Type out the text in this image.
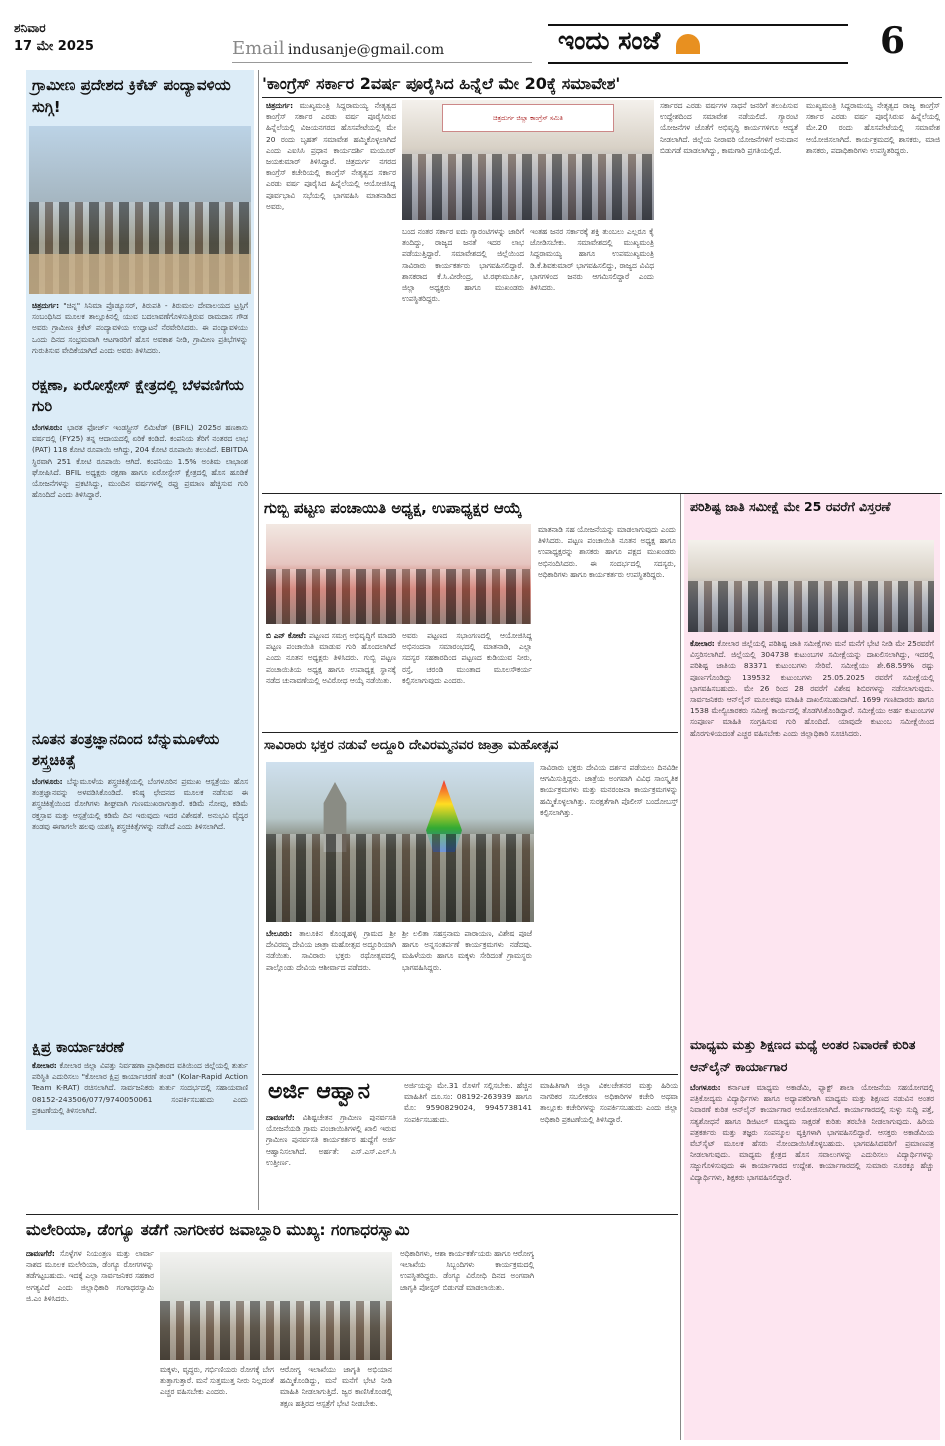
ಶನಿವಾರ
17 ಮೇ 2025	Email indusanje@gmail.com	ಇಂದು ಸಂಜೆ	6
ಗ್ರಾಮೀಣ ಪ್ರದೇಶದ ಕ್ರಿಕೆಟ್ ಪಂದ್ಯಾವಳಿಯ ಸುಗ್ಗಿ!
ಚಿತ್ರದುರ್ಗ: "ಚಿನ್ನ" ಸಿನಿಮಾ ಪ್ರೊಡ್ಯೂಸರ್, ತಿರುಪತಿ - ತಿರುಮಲ ದೇವಾಲಯದ ಟ್ರಸ್ಟಿಗೆ ಸಂಬಂಧಿಸಿದ ಮೂಲಕ ತಾಲ್ಲೂಕಿನಲ್ಲಿ ಯುವ ಬದಲಾವಣೆಗೊಳಿಸುತ್ತಿರುವ ರಾಮದಾಸ ಗೌಡ ಅವರು ಗ್ರಾಮೀಣ ಕ್ರಿಕೆಟ್ ಪಂದ್ಯಾವಳಿಯ ಉದ್ಘಾಟನೆ ನೆರವೇರಿಸಿದರು. ಈ ಪಂದ್ಯಾವಳಿಯು ಒಂದು ದಿನದ ಸಂಭ್ರಮವಾಗಿ ಆಟಗಾರರಿಗೆ ಹೊಸ ಅವಕಾಶ ನೀಡಿ, ಗ್ರಾಮೀಣ ಪ್ರತಿಭೆಗಳನ್ನು ಗುರುತಿಸುವ ವೇದಿಕೆಯಾಗಿದೆ ಎಂದು ಅವರು ತಿಳಿಸಿದರು.
ರಕ್ಷಣಾ, ಏರೋಸ್ಪೇಸ್ ಕ್ಷೇತ್ರದಲ್ಲಿ ಬೆಳವಣಿಗೆಯ ಗುರಿ
ಬೆಂಗಳೂರು: ಭಾರತ ಫೋರ್ಜ್ ಇಂಡಸ್ಟ್ರೀಸ್ ಲಿಮಿಟೆಡ್ (BFIL) 2025ರ ಹಣಕಾಸು ವರ್ಷದಲ್ಲಿ (FY25) ತನ್ನ ಆದಾಯದಲ್ಲಿ ಏರಿಕೆ ಕಂಡಿದೆ. ಕಂಪನಿಯ ತೆರಿಗೆ ನಂತರದ ಲಾಭ (PAT) 118 ಕೋಟಿ ರೂಪಾಯಿ ಆಗಿದ್ದು, 204 ಕೋಟಿ ರೂಪಾಯಿ ತಲುಪಿದೆ. EBITDA ಸ್ಥಿರವಾಗಿ 251 ಕೋಟಿ ರೂಪಾಯಿ ಆಗಿದೆ. ಕಂಪನಿಯು 1.5% ಅಂತಿಮ ಲಾಭಾಂಶ ಘೋಷಿಸಿದೆ. BFIL ಅಧ್ಯಕ್ಷರು ರಕ್ಷಣಾ ಹಾಗೂ ಏರೋಸ್ಪೇಸ್ ಕ್ಷೇತ್ರದಲ್ಲಿ ಹೊಸ ಹೂಡಿಕೆ ಯೋಜನೆಗಳನ್ನು ಪ್ರಕಟಿಸಿದ್ದು, ಮುಂದಿನ ವರ್ಷಗಳಲ್ಲಿ ರಫ್ತು ಪ್ರಮಾಣ ಹೆಚ್ಚಿಸುವ ಗುರಿ ಹೊಂದಿದೆ ಎಂದು ತಿಳಿಸಿದ್ದಾರೆ.
ನೂತನ ತಂತ್ರಜ್ಞಾನದಿಂದ ಬೆನ್ನುಮೂಳೆಯ ಶಸ್ತ್ರಚಿಕಿತ್ಸೆ
ಬೆಂಗಳೂರು: ಬೆನ್ನುಮೂಳೆಯ ಶಸ್ತ್ರಚಿಕಿತ್ಸೆಯಲ್ಲಿ ಬೆಂಗಳೂರಿನ ಪ್ರಮುಖ ಆಸ್ಪತ್ರೆಯು ಹೊಸ ತಂತ್ರಜ್ಞಾನವನ್ನು ಅಳವಡಿಸಿಕೊಂಡಿದೆ. ಕನಿಷ್ಠ ಛೇದನದ ಮೂಲಕ ನಡೆಸುವ ಈ ಶಸ್ತ್ರಚಿಕಿತ್ಸೆಯಿಂದ ರೋಗಿಗಳು ಶೀಘ್ರವಾಗಿ ಗುಣಮುಖರಾಗುತ್ತಾರೆ. ಕಡಿಮೆ ನೋವು, ಕಡಿಮೆ ರಕ್ತಸ್ರಾವ ಮತ್ತು ಆಸ್ಪತ್ರೆಯಲ್ಲಿ ಕಡಿಮೆ ದಿನ ಇರುವುದು ಇದರ ವಿಶೇಷತೆ. ಅನುಭವಿ ವೈದ್ಯರ ತಂಡವು ಈಗಾಗಲೇ ಹಲವು ಯಶಸ್ವಿ ಶಸ್ತ್ರಚಿಕಿತ್ಸೆಗಳನ್ನು ನಡೆಸಿದೆ ಎಂದು ತಿಳಿಸಲಾಗಿದೆ.
ಕ್ಷಿಪ್ರ ಕಾರ್ಯಾಚರಣೆ
ಕೋಲಾರ: ಕೋಲಾರ ಜಿಲ್ಲಾ ವಿಪತ್ತು ನಿರ್ವಹಣಾ ಪ್ರಾಧಿಕಾರದ ವತಿಯಿಂದ ಜಿಲ್ಲೆಯಲ್ಲಿ ತುರ್ತು ಪರಿಸ್ಥಿತಿ ಎದುರಿಸಲು "ಕೋಲಾರ ಕ್ಷಿಪ್ರ ಕಾರ್ಯಾಚರಣೆ ತಂಡ" (Kolar-Rapid Action Team K-RAT) ರಚಿಸಲಾಗಿದೆ. ಸಾರ್ವಜನಿಕರು ತುರ್ತು ಸಂದರ್ಭದಲ್ಲಿ ಸಹಾಯವಾಣಿ 08152-243506/077/9740050061 ಸಂಪರ್ಕಿಸಬಹುದು ಎಂದು ಪ್ರಕಟಣೆಯಲ್ಲಿ ತಿಳಿಸಲಾಗಿದೆ.
'ಕಾಂಗ್ರೆಸ್ ಸರ್ಕಾರ 2ವರ್ಷ ಪೂರೈಸಿದ ಹಿನ್ನೆಲೆ ಮೇ 20ಕ್ಕೆ ಸಮಾವೇಶ'
ಚಿತ್ರದುರ್ಗ: ಮುಖ್ಯಮಂತ್ರಿ ಸಿದ್ದರಾಮಯ್ಯ ನೇತೃತ್ವದ ಕಾಂಗ್ರೆಸ್ ಸರ್ಕಾರ ಎರಡು ವರ್ಷ ಪೂರೈಸಿರುವ ಹಿನ್ನೆಲೆಯಲ್ಲಿ ವಿಜಯನಗರದ ಹೊಸಪೇಟೆಯಲ್ಲಿ ಮೇ 20 ರಂದು ಬೃಹತ್ ಸಮಾವೇಶ ಹಮ್ಮಿಕೊಳ್ಳಲಾಗಿದೆ ಎಂದು ಎಐಸಿಸಿ ಪ್ರಧಾನ ಕಾರ್ಯದರ್ಶಿ ಮಯೂರ್ ಜಯಕುಮಾರ್ ತಿಳಿಸಿದ್ದಾರೆ. ಚಿತ್ರದುರ್ಗ ನಗರದ ಕಾಂಗ್ರೆಸ್ ಕಚೇರಿಯಲ್ಲಿ ಕಾಂಗ್ರೆಸ್ ನೇತೃತ್ವದ ಸರ್ಕಾರ ಎರಡು ವರ್ಷ ಪೂರೈಸಿದ ಹಿನ್ನೆಲೆಯಲ್ಲಿ ಆಯೋಜಿಸಿದ್ದ ಪೂರ್ವಭಾವಿ ಸಭೆಯಲ್ಲಿ ಭಾಗವಹಿಸಿ ಮಾತನಾಡಿದ ಅವರು,
ಚಿತ್ರದುರ್ಗ ಜಿಲ್ಲಾ ಕಾಂಗ್ರೆಸ್ ಸಮಿತಿ
ಬಂದ ನಂತರ ಸರ್ಕಾರ ಐದು ಗ್ಯಾರಂಟಿಗಳನ್ನು ಜಾರಿಗೆ ತಂದಿದ್ದು, ರಾಜ್ಯದ ಜನತೆ ಇದರ ಲಾಭ ಪಡೆಯುತ್ತಿದ್ದಾರೆ. ಸಮಾವೇಶದಲ್ಲಿ ಜಿಲ್ಲೆಯಿಂದ ಸಾವಿರಾರು ಕಾರ್ಯಕರ್ತರು ಭಾಗವಹಿಸಲಿದ್ದಾರೆ. ಶಾಸಕರಾದ ಕೆ.ಸಿ.ವೀರೇಂದ್ರ, ಟಿ.ರಘುಮೂರ್ತಿ, ಜಿಲ್ಲಾ ಅಧ್ಯಕ್ಷರು ಹಾಗೂ ಮುಖಂಡರು ಉಪಸ್ಥಿತರಿದ್ದರು.
ಇಂತಹ ಜನರ ಸರ್ಕಾರಕ್ಕೆ ಶಕ್ತಿ ತುಂಬಲು ಎಲ್ಲರೂ ಕೈ ಜೋಡಿಸಬೇಕು. ಸಮಾವೇಶದಲ್ಲಿ ಮುಖ್ಯಮಂತ್ರಿ ಸಿದ್ದರಾಮಯ್ಯ ಹಾಗೂ ಉಪಮುಖ್ಯಮಂತ್ರಿ ಡಿ.ಕೆ.ಶಿವಕುಮಾರ್ ಭಾಗವಹಿಸಲಿದ್ದು, ರಾಜ್ಯದ ವಿವಿಧ ಭಾಗಗಳಿಂದ ಜನರು ಆಗಮಿಸಲಿದ್ದಾರೆ ಎಂದು ತಿಳಿಸಿದರು.
ಸರ್ಕಾರದ ಎರಡು ವರ್ಷಗಳ ಸಾಧನೆ ಜನರಿಗೆ ತಲುಪಿಸುವ ಉದ್ದೇಶದಿಂದ ಸಮಾವೇಶ ನಡೆಯಲಿದೆ. ಗ್ಯಾರಂಟಿ ಯೋಜನೆಗಳ ಜೊತೆಗೆ ಅಭಿವೃದ್ಧಿ ಕಾರ್ಯಗಳಿಗೂ ಆದ್ಯತೆ ನೀಡಲಾಗಿದೆ. ಜಿಲ್ಲೆಯ ನೀರಾವರಿ ಯೋಜನೆಗಳಿಗೆ ಅನುದಾನ ಬಿಡುಗಡೆ ಮಾಡಲಾಗಿದ್ದು, ಕಾಮಗಾರಿ ಪ್ರಗತಿಯಲ್ಲಿದೆ.
ಮುಖ್ಯಮಂತ್ರಿ ಸಿದ್ದರಾಮಯ್ಯ ನೇತೃತ್ವದ ರಾಜ್ಯ ಕಾಂಗ್ರೆಸ್ ಸರ್ಕಾರ ಎರಡು ವರ್ಷ ಪೂರೈಸಿರುವ ಹಿನ್ನೆಲೆಯಲ್ಲಿ ಮೇ.20 ರಂದು ಹೊಸಪೇಟೆಯಲ್ಲಿ ಸಮಾವೇಶ ಆಯೋಜಿಸಲಾಗಿದೆ. ಕಾರ್ಯಕ್ರಮದಲ್ಲಿ ಶಾಸಕರು, ಮಾಜಿ ಶಾಸಕರು, ಪದಾಧಿಕಾರಿಗಳು ಉಪಸ್ಥಿತರಿದ್ದರು.
ಗುಬ್ಬಿ ಪಟ್ಟಣ ಪಂಚಾಯಿತಿ ಅಧ್ಯಕ್ಷ, ಉಪಾಧ್ಯಕ್ಷರ ಆಯ್ಕೆ
ಬಿ ಎನ್ ಕೋಟೆ: ಪಟ್ಟಣದ ಸಮಗ್ರ ಅಭಿವೃದ್ಧಿಗೆ ಮಾದರಿ ಪಟ್ಟಣ ಪಂಚಾಯಿತಿ ಮಾಡುವ ಗುರಿ ಹೊಂದಲಾಗಿದೆ ಎಂದು ನೂತನ ಅಧ್ಯಕ್ಷರು ತಿಳಿಸಿದರು. ಗುಬ್ಬಿ ಪಟ್ಟಣ ಪಂಚಾಯಿತಿಯ ಅಧ್ಯಕ್ಷ ಹಾಗೂ ಉಪಾಧ್ಯಕ್ಷ ಸ್ಥಾನಕ್ಕೆ ನಡೆದ ಚುನಾವಣೆಯಲ್ಲಿ ಅವಿರೋಧ ಆಯ್ಕೆ ನಡೆಯಿತು.
ಅವರು ಪಟ್ಟಣದ ಸಭಾಂಗಣದಲ್ಲಿ ಆಯೋಜಿಸಿದ್ದ ಅಭಿನಂದನಾ ಸಮಾರಂಭದಲ್ಲಿ ಮಾತನಾಡಿ, ಎಲ್ಲಾ ಸದಸ್ಯರ ಸಹಕಾರದಿಂದ ಪಟ್ಟಣದ ಕುಡಿಯುವ ನೀರು, ರಸ್ತೆ, ಚರಂಡಿ ಮುಂತಾದ ಮೂಲಸೌಕರ್ಯ ಕಲ್ಪಿಸಲಾಗುವುದು ಎಂದರು.
ಮಾತನಾಡಿ ಸಹ ಯೋಜನೆಯನ್ನು ಮಾಡಲಾಗುವುದು ಎಂದು ತಿಳಿಸಿದರು. ಪಟ್ಟಣ ಪಂಚಾಯಿತಿ ನೂತನ ಅಧ್ಯಕ್ಷ ಹಾಗೂ ಉಪಾಧ್ಯಕ್ಷರನ್ನು ಶಾಸಕರು ಹಾಗೂ ಪಕ್ಷದ ಮುಖಂಡರು ಅಭಿನಂದಿಸಿದರು. ಈ ಸಂದರ್ಭದಲ್ಲಿ ಸದಸ್ಯರು, ಅಧಿಕಾರಿಗಳು ಹಾಗೂ ಕಾರ್ಯಕರ್ತರು ಉಪಸ್ಥಿತರಿದ್ದರು.
ಸಾವಿರಾರು ಭಕ್ತರ ನಡುವೆ ಅದ್ದೂರಿ ದೇವಿರಮ್ಮನವರ ಜಾತ್ರಾ ಮಹೋತ್ಸವ
ಬೇಲೂರು: ತಾಲೂಕಿನ ಕೊಂಡ್ಲಹಳ್ಳಿ ಗ್ರಾಮದ ಶ್ರೀ ದೇವಿರಮ್ಮ ದೇವಿಯ ಜಾತ್ರಾ ಮಹೋತ್ಸವ ಅದ್ದೂರಿಯಾಗಿ ನಡೆಯಿತು. ಸಾವಿರಾರು ಭಕ್ತರು ರಥೋತ್ಸವದಲ್ಲಿ ಪಾಲ್ಗೊಂಡು ದೇವಿಯ ಆಶೀರ್ವಾದ ಪಡೆದರು.
ಶ್ರೀ ಲಲಿತಾ ಸಹಸ್ರನಾಮ ಪಾರಾಯಣ, ವಿಶೇಷ ಪೂಜೆ ಹಾಗೂ ಅನ್ನಸಂತರ್ಪಣೆ ಕಾರ್ಯಕ್ರಮಗಳು ನಡೆದವು. ಮಹಿಳೆಯರು ಹಾಗೂ ಮಕ್ಕಳು ಸೇರಿದಂತೆ ಗ್ರಾಮಸ್ಥರು ಭಾಗವಹಿಸಿದ್ದರು.
ಸಾವಿರಾರು ಭಕ್ತರು ದೇವಿಯ ದರ್ಶನ ಪಡೆಯಲು ದಿನವಿಡೀ ಆಗಮಿಸುತ್ತಿದ್ದರು. ಜಾತ್ರೆಯ ಅಂಗವಾಗಿ ವಿವಿಧ ಸಾಂಸ್ಕೃತಿಕ ಕಾರ್ಯಕ್ರಮಗಳು ಮತ್ತು ಮನರಂಜನಾ ಕಾರ್ಯಕ್ರಮಗಳನ್ನು ಹಮ್ಮಿಕೊಳ್ಳಲಾಗಿತ್ತು. ಸುರಕ್ಷತೆಗಾಗಿ ಪೊಲೀಸ್ ಬಂದೋಬಸ್ತ್ ಕಲ್ಪಿಸಲಾಗಿತ್ತು.
ಅರ್ಜಿ ಆಹ್ವಾನ
ದಾವಣಗೆರೆ: ವಿಶಿಷ್ಟಚೇತನ ಗ್ರಾಮೀಣ ಪುನರ್ವಸತಿ ಯೋಜನೆಯಡಿ ಗ್ರಾಮ ಪಂಚಾಯಿತಿಗಳಲ್ಲಿ ಖಾಲಿ ಇರುವ ಗ್ರಾಮೀಣ ಪುನರ್ವಸತಿ ಕಾರ್ಯಕರ್ತರ ಹುದ್ದೆಗೆ ಅರ್ಜಿ ಆಹ್ವಾನಿಸಲಾಗಿದೆ. ಅರ್ಹತೆ: ಎಸ್.ಎಸ್.ಎಲ್.ಸಿ ಉತ್ತೀರ್ಣ.
ಅರ್ಜಿಯನ್ನು ಮೇ.31 ರೊಳಗೆ ಸಲ್ಲಿಸಬೇಕು. ಹೆಚ್ಚಿನ ಮಾಹಿತಿಗೆ ದೂ.ಸಂ: 08192-263939 ಹಾಗೂ ಮೊ: 9590829024, 9945738141 ಸಂಪರ್ಕಿಸಬಹುದು.
ಮಾಹಿತಿಗಾಗಿ ಜಿಲ್ಲಾ ವಿಕಲಚೇತನರ ಮತ್ತು ಹಿರಿಯ ನಾಗರಿಕರ ಸಬಲೀಕರಣ ಅಧಿಕಾರಿಗಳ ಕಚೇರಿ ಅಥವಾ ತಾಲ್ಲೂಕು ಕಚೇರಿಗಳನ್ನು ಸಂಪರ್ಕಿಸಬಹುದು ಎಂದು ಜಿಲ್ಲಾ ಅಧಿಕಾರಿ ಪ್ರಕಟಣೆಯಲ್ಲಿ ತಿಳಿಸಿದ್ದಾರೆ.
ಮಲೇರಿಯಾ, ಡೆಂಗ್ಯೂ ತಡೆಗೆ ನಾಗರೀಕರ ಜವಾಬ್ದಾರಿ ಮುಖ್ಯ: ಗಂಗಾಧರಸ್ವಾಮಿ
ದಾವಣಗೆರೆ: ಸೊಳ್ಳೆಗಳ ನಿಯಂತ್ರಣ ಮತ್ತು ಲಾರ್ವಾ ನಾಶದ ಮೂಲಕ ಮಲೇರಿಯಾ, ಡೆಂಗ್ಯೂ ರೋಗಗಳನ್ನು ತಡೆಗಟ್ಟಬಹುದು. ಇದಕ್ಕೆ ಎಲ್ಲಾ ಸಾರ್ವಜನಿಕರ ಸಹಕಾರ ಅಗತ್ಯವಿದೆ ಎಂದು ಜಿಲ್ಲಾಧಿಕಾರಿ ಗಂಗಾಧರಸ್ವಾಮಿ ಜಿ.ಎಂ ತಿಳಿಸಿದರು.
ಮಕ್ಕಳು, ವೃದ್ಧರು, ಗರ್ಭಿಣಿಯರು ರೋಗಕ್ಕೆ ಬೇಗ ತುತ್ತಾಗುತ್ತಾರೆ. ಮನೆ ಸುತ್ತಮುತ್ತ ನೀರು ನಿಲ್ಲದಂತೆ ಎಚ್ಚರ ವಹಿಸಬೇಕು ಎಂದರು.
ಆರೋಗ್ಯ ಇಲಾಖೆಯು ಜಾಗೃತಿ ಅಭಿಯಾನ ಹಮ್ಮಿಕೊಂಡಿದ್ದು, ಮನೆ ಮನೆಗೆ ಭೇಟಿ ನೀಡಿ ಮಾಹಿತಿ ನೀಡಲಾಗುತ್ತಿದೆ. ಜ್ವರ ಕಾಣಿಸಿಕೊಂಡಲ್ಲಿ ತಕ್ಷಣ ಹತ್ತಿರದ ಆಸ್ಪತ್ರೆಗೆ ಭೇಟಿ ನೀಡಬೇಕು.
ಅಧಿಕಾರಿಗಳು, ಆಶಾ ಕಾರ್ಯಕರ್ತೆಯರು ಹಾಗೂ ಆರೋಗ್ಯ ಇಲಾಖೆಯ ಸಿಬ್ಬಂದಿಗಳು ಕಾರ್ಯಕ್ರಮದಲ್ಲಿ ಉಪಸ್ಥಿತರಿದ್ದರು. ಡೆಂಗ್ಯೂ ವಿರೋಧಿ ದಿನದ ಅಂಗವಾಗಿ ಜಾಗೃತಿ ಪೋಸ್ಟರ್ ಬಿಡುಗಡೆ ಮಾಡಲಾಯಿತು.
ಪರಿಶಿಷ್ಟ ಜಾತಿ ಸಮೀಕ್ಷೆ ಮೇ 25 ರವರೆಗೆ ವಿಸ್ತರಣೆ
ಕೋಲಾರ: ಕೋಲಾರ ಜಿಲ್ಲೆಯಲ್ಲಿ ಪರಿಶಿಷ್ಟ ಜಾತಿ ಸಮೀಕ್ಷೆಗಳು ಮನೆ ಮನೆಗೆ ಭೇಟಿ ನೀಡಿ ಮೇ 25ರವರೆಗೆ ವಿಸ್ತರಿಸಲಾಗಿದೆ. ಜಿಲ್ಲೆಯಲ್ಲಿ 304738 ಕುಟುಂಬಗಳ ಸಮೀಕ್ಷೆಯನ್ನು ದಾಖಲಿಸಲಾಗಿದ್ದು, ಇದರಲ್ಲಿ ಪರಿಶಿಷ್ಟ ಜಾತಿಯ 83371 ಕುಟುಂಬಗಳು ಸೇರಿವೆ. ಸಮೀಕ್ಷೆಯು ಶೇ.68.59% ರಷ್ಟು ಪೂರ್ಣಗೊಂಡಿದ್ದು 139532 ಕುಟುಂಬಗಳು 25.05.2025 ರವರೆಗೆ ಸಮೀಕ್ಷೆಯಲ್ಲಿ ಭಾಗವಹಿಸಬಹುದು. ಮೇ 26 ರಿಂದ 28 ರವರೆಗೆ ವಿಶೇಷ ಶಿಬಿರಗಳನ್ನು ನಡೆಸಲಾಗುವುದು. ಸಾರ್ವಜನಿಕರು ಆನ್‌ಲೈನ್ ಮೂಲಕವೂ ಮಾಹಿತಿ ದಾಖಲಿಸಬಹುದಾಗಿದೆ. 1699 ಗಣತಿದಾರರು ಹಾಗೂ 1538 ಮೇಲ್ವಿಚಾರಕರು ಸಮೀಕ್ಷೆ ಕಾರ್ಯದಲ್ಲಿ ತೊಡಗಿಸಿಕೊಂಡಿದ್ದಾರೆ. ಸಮೀಕ್ಷೆಯು ಅರ್ಹ ಕುಟುಂಬಗಳ ಸಂಪೂರ್ಣ ಮಾಹಿತಿ ಸಂಗ್ರಹಿಸುವ ಗುರಿ ಹೊಂದಿದೆ. ಯಾವುದೇ ಕುಟುಂಬ ಸಮೀಕ್ಷೆಯಿಂದ ಹೊರಗುಳಿಯದಂತೆ ಎಚ್ಚರ ವಹಿಸಬೇಕು ಎಂದು ಜಿಲ್ಲಾಧಿಕಾರಿ ಸೂಚಿಸಿದರು.
ಮಾಧ್ಯಮ ಮತ್ತು ಶಿಕ್ಷಣದ ಮಧ್ಯೆ ಅಂತರ ನಿವಾರಣೆ ಕುರಿತ ಆನ್‌ಲೈನ್ ಕಾರ್ಯಾಗಾರ
ಬೆಂಗಳೂರು: ಕರ್ನಾಟಕ ಮಾಧ್ಯಮ ಅಕಾಡೆಮಿ, ಫ್ಯಾಕ್ಟ್ ಶಾಲಾ ಯೋಜನೆಯ ಸಹಯೋಗದಲ್ಲಿ ಪತ್ರಿಕೋದ್ಯಮ ವಿದ್ಯಾರ್ಥಿಗಳು ಹಾಗೂ ಅಧ್ಯಾಪಕರಿಗಾಗಿ ಮಾಧ್ಯಮ ಮತ್ತು ಶಿಕ್ಷಣದ ನಡುವಿನ ಅಂತರ ನಿವಾರಣೆ ಕುರಿತ ಆನ್‌ಲೈನ್ ಕಾರ್ಯಾಗಾರ ಆಯೋಜಿಸಲಾಗಿದೆ. ಕಾರ್ಯಾಗಾರದಲ್ಲಿ ಸುಳ್ಳು ಸುದ್ದಿ ಪತ್ತೆ, ಸತ್ಯಶೋಧನೆ ಹಾಗೂ ಡಿಜಿಟಲ್ ಮಾಧ್ಯಮ ಸಾಕ್ಷರತೆ ಕುರಿತು ತರಬೇತಿ ನೀಡಲಾಗುವುದು. ಹಿರಿಯ ಪತ್ರಕರ್ತರು ಮತ್ತು ತಜ್ಞರು ಸಂಪನ್ಮೂಲ ವ್ಯಕ್ತಿಗಳಾಗಿ ಭಾಗವಹಿಸಲಿದ್ದಾರೆ. ಆಸಕ್ತರು ಅಕಾಡೆಮಿಯ ವೆಬ್‌ಸೈಟ್ ಮೂಲಕ ಹೆಸರು ನೋಂದಾಯಿಸಿಕೊಳ್ಳಬಹುದು. ಭಾಗವಹಿಸಿದವರಿಗೆ ಪ್ರಮಾಣಪತ್ರ ನೀಡಲಾಗುವುದು. ಮಾಧ್ಯಮ ಕ್ಷೇತ್ರದ ಹೊಸ ಸವಾಲುಗಳನ್ನು ಎದುರಿಸಲು ವಿದ್ಯಾರ್ಥಿಗಳನ್ನು ಸಜ್ಜುಗೊಳಿಸುವುದು ಈ ಕಾರ್ಯಾಗಾರದ ಉದ್ದೇಶ. ಕಾರ್ಯಾಗಾರದಲ್ಲಿ ಸುಮಾರು ನೂರಕ್ಕೂ ಹೆಚ್ಚು ವಿದ್ಯಾರ್ಥಿಗಳು, ಶಿಕ್ಷಕರು ಭಾಗವಹಿಸಲಿದ್ದಾರೆ.
